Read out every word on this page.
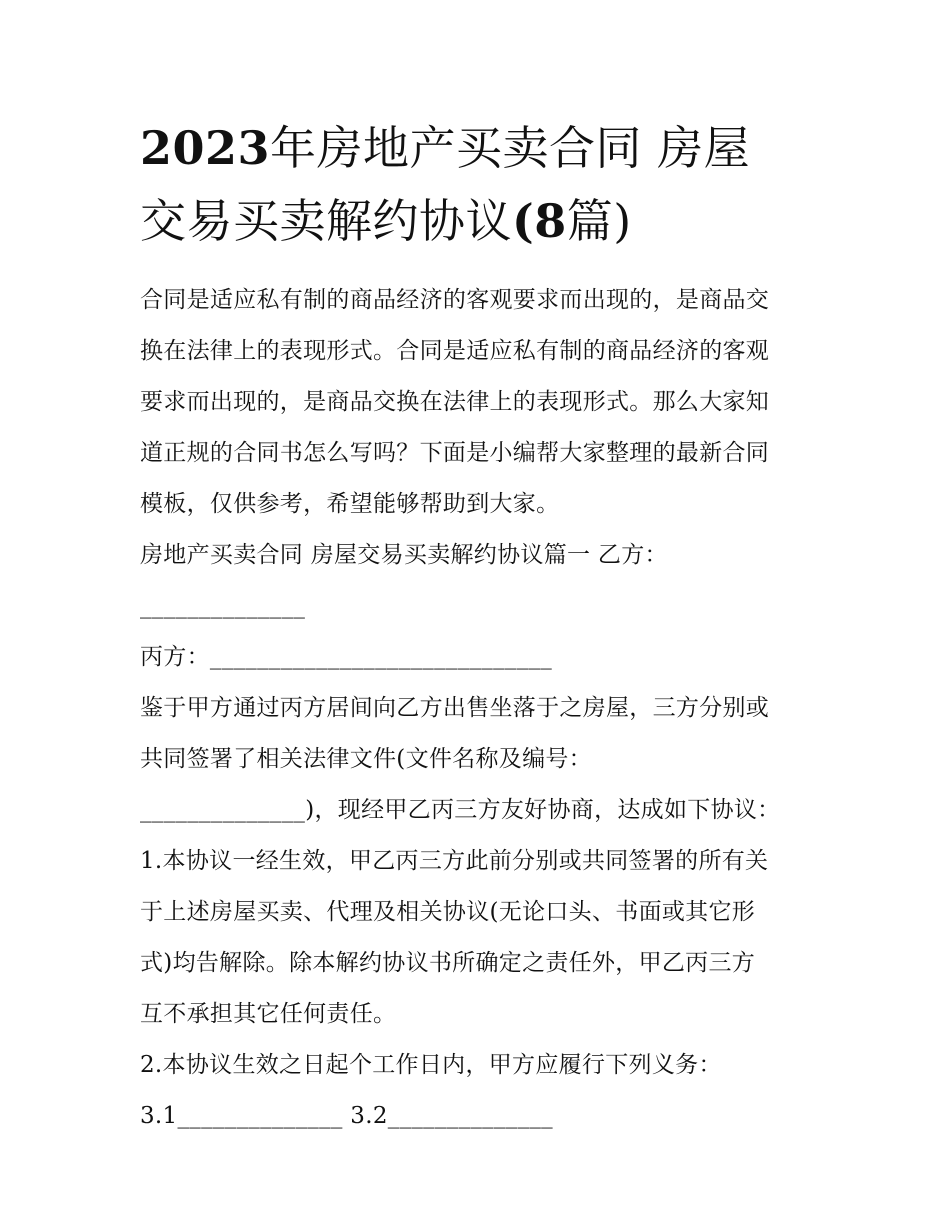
2023年房地产买卖合同 房屋
交易买卖解约协议(8篇)
合同是适应私有制的商品经济的客观要求而出现的，是商品交
换在法律上的表现形式。合同是适应私有制的商品经济的客观
要求而出现的，是商品交换在法律上的表现形式。那么大家知
道正规的合同书怎么写吗？下面是小编帮大家整理的最新合同
模板，仅供参考，希望能够帮助到大家。
房地产买卖合同 房屋交易买卖解约协议篇一 乙方：
______________
丙方：_____________________________
鉴于甲方通过丙方居间向乙方出售坐落于之房屋，三方分别或
共同签署了相关法律文件(文件名称及编号：
______________)，现经甲乙丙三方友好协商，达成如下协议：
1.本协议一经生效，甲乙丙三方此前分别或共同签署的所有关
于上述房屋买卖、代理及相关协议(无论口头、书面或其它形
式)均告解除。除本解约协议书所确定之责任外，甲乙丙三方
互不承担其它任何责任。
2.本协议生效之日起个工作日内，甲方应履行下列义务：
3.1______________ 3.2______________
